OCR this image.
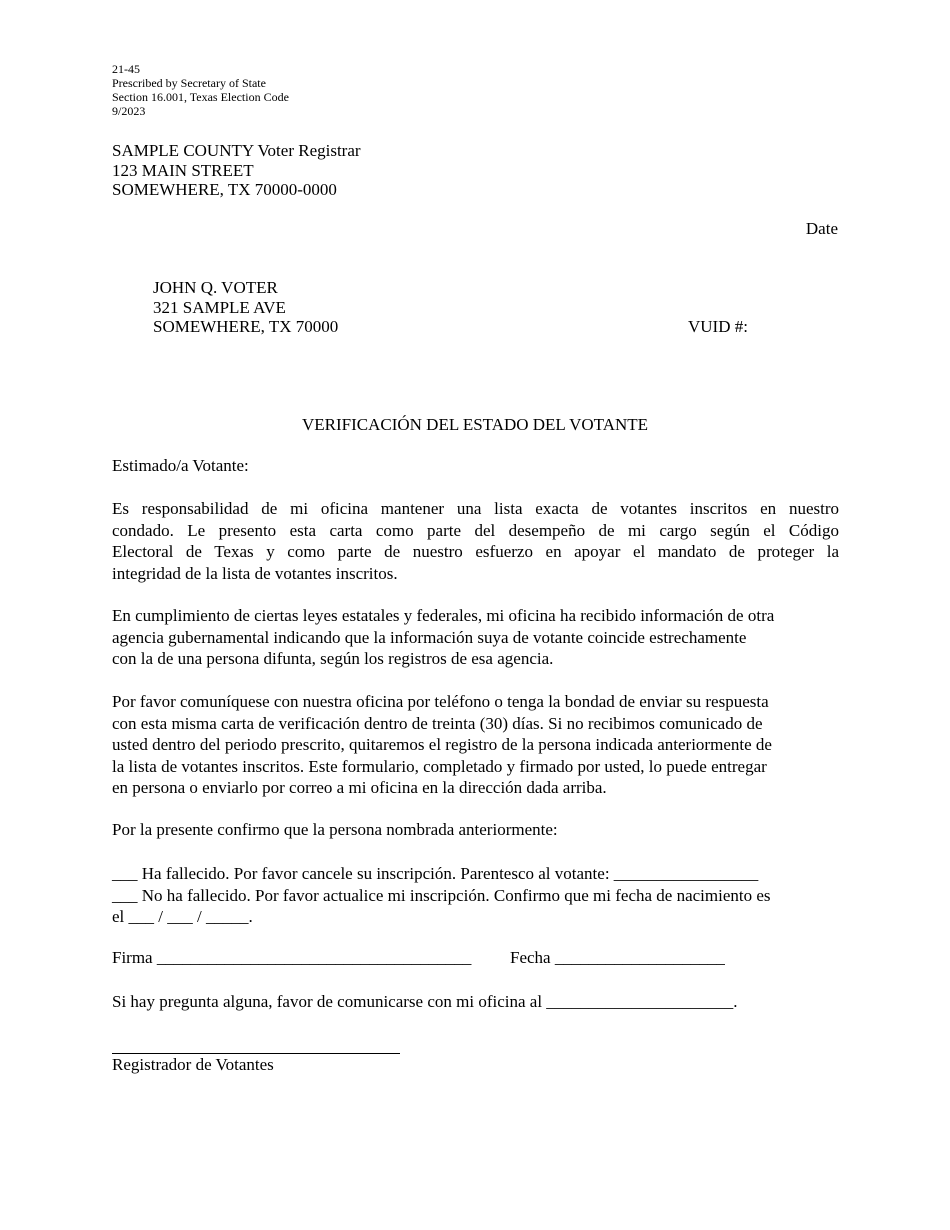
21-45
Prescribed by Secretary of State
Section 16.001, Texas Election Code
9/2023
SAMPLE COUNTY Voter Registrar
123 MAIN STREET
SOMEWHERE, TX 70000-0000
Date
JOHN Q. VOTER
321 SAMPLE AVE
SOMEWHERE, TX 70000	VUID #:
VERIFICACIÓN DEL ESTADO DEL VOTANTE
Estimado/a Votante:
Es responsabilidad de mi oficina mantener una lista exacta de votantes inscritos en nuestro
condado. Le presento esta carta como parte del desempeño de mi cargo según el Código
Electoral de Texas y como parte de nuestro esfuerzo en apoyar el mandato de proteger la
integridad de la lista de votantes inscritos.
En cumplimiento de ciertas leyes estatales y federales, mi oficina ha recibido información de otra
agencia gubernamental indicando que la información suya de votante coincide estrechamente
con la de una persona difunta, según los registros de esa agencia.
Por favor comuníquese con nuestra oficina por teléfono o tenga la bondad de enviar su respuesta
con esta misma carta de verificación dentro de treinta (30) días. Si no recibimos comunicado de
usted dentro del periodo prescrito, quitaremos el registro de la persona indicada anteriormente de
la lista de votantes inscritos. Este formulario, completado y firmado por usted, lo puede entregar
en persona o enviarlo por correo a mi oficina en la dirección dada arriba.
Por la presente confirmo que la persona nombrada anteriormente:
___ Ha fallecido. Por favor cancele su inscripción. Parentesco al votante: _________________
___ No ha fallecido. Por favor actualice mi inscripción. Confirmo que mi fecha de nacimiento es
el ___ / ___ / _____.
Firma _____________________________________ Fecha ____________________
Si hay pregunta alguna, favor de comunicarse con mi oficina al ______________________.
Registrador de Votantes
